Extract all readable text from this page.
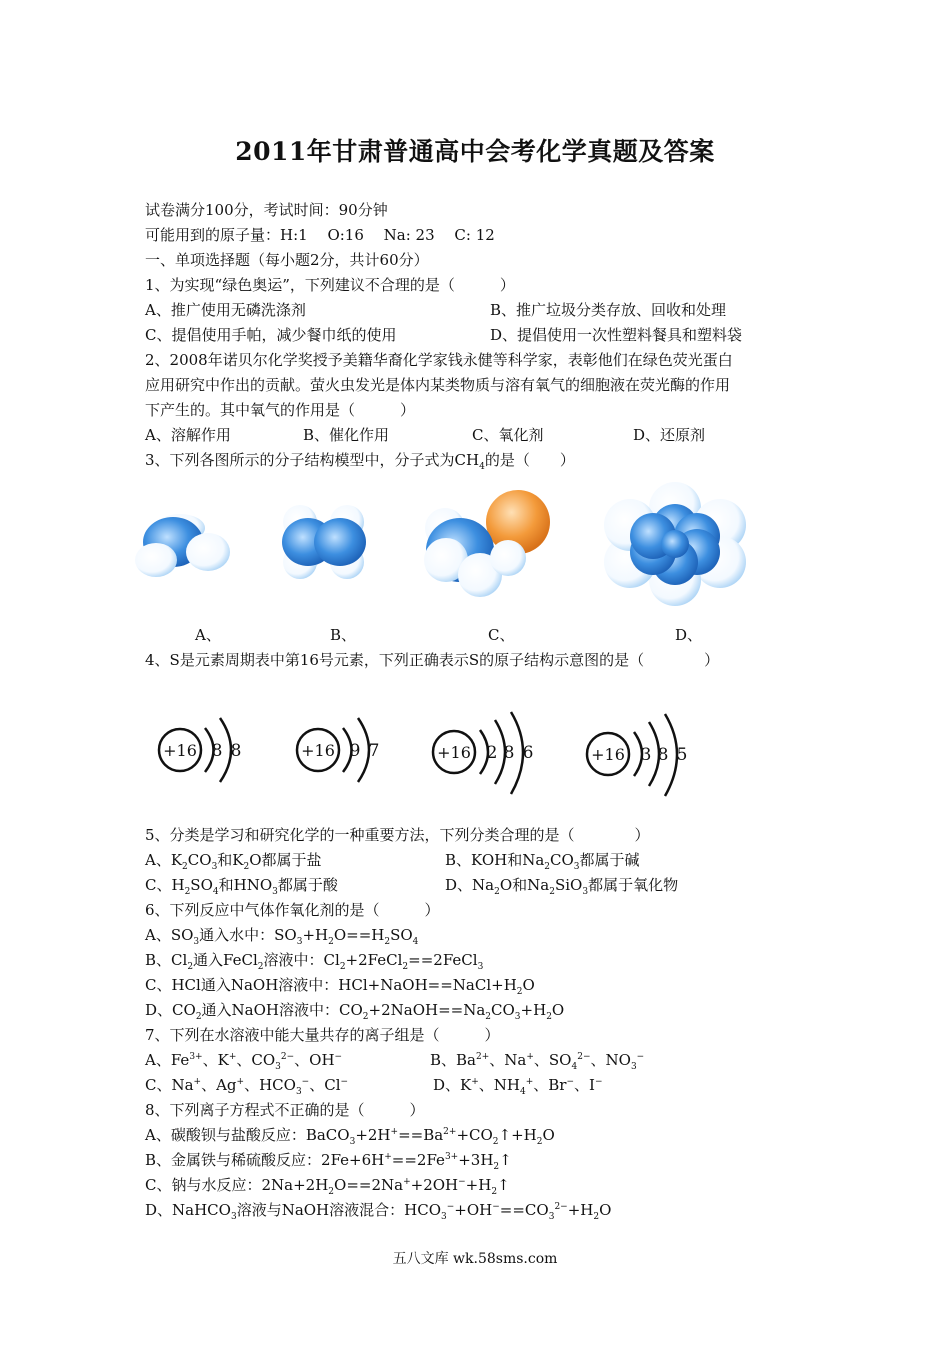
2011年甘肃普通高中会考化学真题及答案
试卷满分100分，考试时间：90分钟
可能用到的原子量：H:1　 O:16　 Na: 23　 C: 12
一、单项选择题（每小题2分，共计60分）
1、为实现“绿色奥运”，下列建议不合理的是（　　　）
A、推广使用无磷洗涤剂	B、推广垃圾分类存放、回收和处理
C、提倡使用手帕，减少餐巾纸的使用	D、提倡使用一次性塑料餐具和塑料袋
2、2008年诺贝尔化学奖授予美籍华裔化学家钱永健等科学家，表彰他们在绿色荧光蛋白
应用研究中作出的贡献。萤火虫发光是体内某类物质与溶有氧气的细胞液在荧光酶的作用
下产生的。其中氧气的作用是（　　　）
A、溶解作用	B、催化作用	C、氧化剂	D、还原剂
3、下列各图所示的分子结构模型中，分子式为$CH_4$的是（　　）
A、	B、	C、	D、
4、S是元素周期表中第16号元素，下列正确表示S的原子结构示意图的是（　　　　）
+16 8 8	+16 9 7	+16 2 8 6	+16 3 8 5
5、分类是学习和研究化学的一种重要方法，下列分类合理的是（　　　　）
A、$K_2CO_3$和$K_2O$都属于盐	B、KOH和$Na_2CO_3$都属于碱
C、$H_2SO_4$和$HNO_3$都属于酸	D、$Na_2O$和$Na_2SiO_3$都属于氧化物
6、下列反应中气体作氧化剂的是（　　　）
A、$SO_3$通入水中：$SO_3+H_2O==H_2SO_4$
B、$Cl_2$通入FeCl$_2$溶液中：$Cl_2+2FeCl_2==2FeCl_3$
C、HCl通入NaOH溶液中：$HCl+NaOH==NaCl+H_2O$
D、$CO_2$通入NaOH溶液中：$CO_2+2NaOH==Na_2CO_3+H_2O$
7、下列在水溶液中能大量共存的离子组是（　　　）
A、$Fe^{3+}$、K+、$CO_3^{2-}$、OH−	B、$Ba^{2+}$、Na+、$SO_4^{2-}$、$NO_3^-$
C、Na+、Ag+、$HCO_3^-$、Cl−	D、K+、$NH_4^+$、Br−、I−
8、下列离子方程式不正确的是（　　　）
A、碳酸钡与盐酸反应：$BaCO_3+2H^+==Ba^{2+}+CO_2↑+H_2O$
B、金属铁与稀硫酸反应：$2Fe+6H^+==2Fe^{3+}+3H_2↑$
C、钠与水反应：$2Na+2H_2O==2Na^++2OH^-+H_2↑$
D、NaHCO$_3$溶液与NaOH溶液混合：$HCO_3^-+OH^-==CO_3^{2-}+H_2O$
五八文库 wk.58sms.com
